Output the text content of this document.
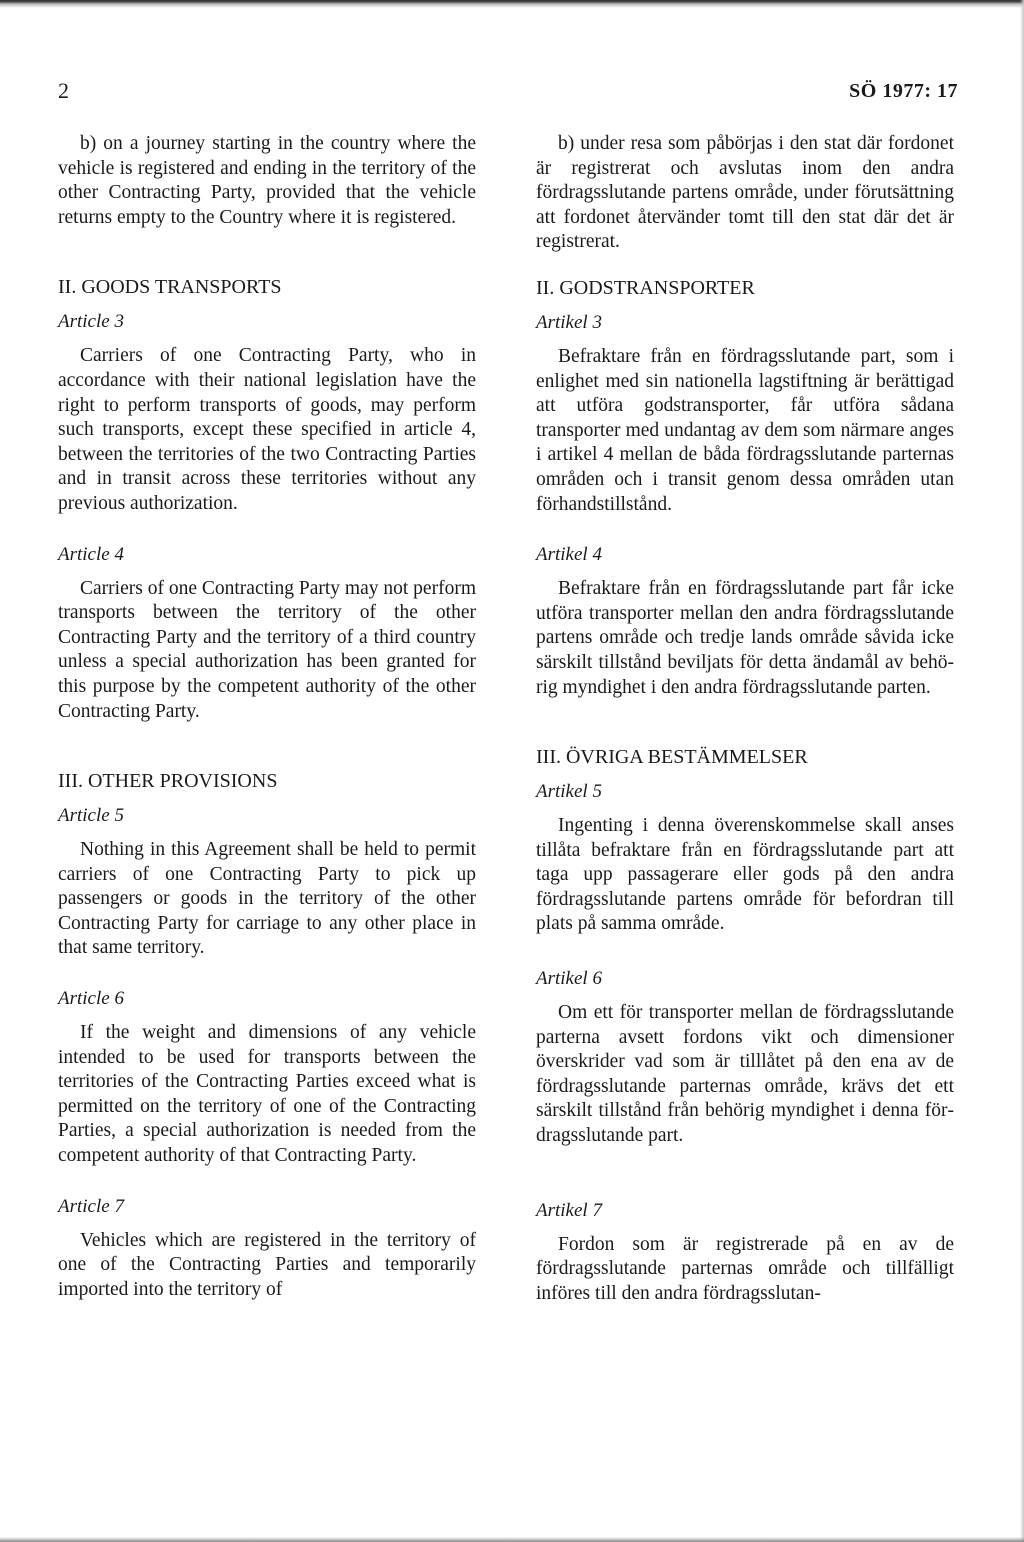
2	SÖ 1977: 17

b) on a journey starting in the country where the vehicle is registered and ending in the territory of the other Contracting Party, provided that the vehicle returns empty to the Country where it is registered.

II. GOODS TRANSPORTS

Article 3

Carriers of one Contracting Party, who in accordance with their national legislation have the right to perform transports of goods, may perform such transports, except these specified in article 4, between the territories of the two Contracting Parties and in transit across these territories without any previous authorization.

Article 4

Carriers of one Contracting Party may not perform transports between the territory of the other Contracting Party and the territory of a third country unless a special authorization has been granted for this purpose by the competent authority of the other Contracting Party.

III. OTHER PROVISIONS

Article 5

Nothing in this Agreement shall be held to permit carriers of one Contracting Party to pick up passengers or goods in the territory of the other Contracting Party for carriage to any other place in that same territory.

Article 6

If the weight and dimensions of any vehicle intended to be used for transports between the territories of the Contracting Parties exceed what is permitted on the territory of one of the Contracting Parties, a special authorization is needed from the competent authority of that Contracting Party.

Article 7

Vehicles which are registered in the territory of one of the Contracting Parties and temporarily imported into the territory of

b) under resa som påbörjas i den stat där fordonet är registrerat och avslutas inom den andra fördragsslutande partens område, under förutsättning att fordonet återvänder tomt till den stat där det är registrerat.

II. GODSTRANSPORTER

Artikel 3

Befraktare från en fördragsslutande part, som i enlighet med sin nationella lagstiftning är berättigad att utföra godstransporter, får utföra sådana transporter med undantag av dem som närmare anges i artikel 4 mellan de båda fördragsslutande parternas områden och i transit genom dessa områden utan förhandstillstånd.

Artikel 4

Befraktare från en fördragsslutande part får icke utföra transporter mellan den andra fördragsslutande partens område och tredje lands område såvida icke särskilt tillstånd beviljats för detta ändamål av behörig myndighet i den andra fördragsslutande parten.

III. ÖVRIGA BESTÄMMELSER

Artikel 5

Ingenting i denna överenskommelse skall anses tillåta befraktare från en fördragsslutande part att taga upp passagerare eller gods på den andra fördragsslutande partens område för befordran till plats på samma område.

Artikel 6

Om ett för transporter mellan de fördragsslutande parterna avsett fordons vikt och dimensioner överskrider vad som är tilllåtet på den ena av de fördragsslutande parternas område, krävs det ett särskilt tillstånd från behörig myndighet i denna fördragsslutande part.

Artikel 7

Fordon som är registrerade på en av de fördragsslutande parternas område och tillfälligt införes till den andra fördragsslutan-
